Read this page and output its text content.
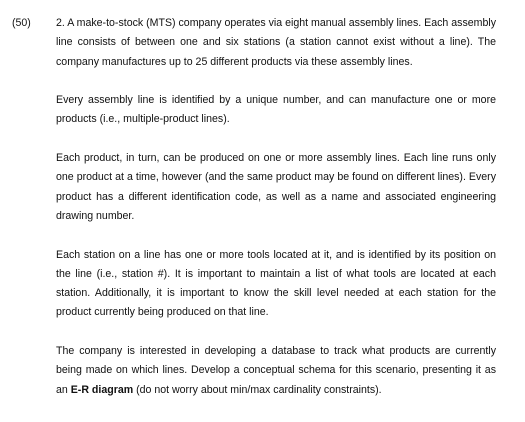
(50) 2. A make-to-stock (MTS) company operates via eight manual assembly lines. Each assembly line consists of between one and six stations (a station cannot exist without a line). The company manufactures up to 25 different products via these assembly lines.

Every assembly line is identified by a unique number, and can manufacture one or more products (i.e., multiple-product lines).

Each product, in turn, can be produced on one or more assembly lines. Each line runs only one product at a time, however (and the same product may be found on different lines). Every product has a different identification code, as well as a name and associated engineering drawing number.

Each station on a line has one or more tools located at it, and is identified by its position on the line (i.e., station #). It is important to maintain a list of what tools are located at each station. Additionally, it is important to know the skill level needed at each station for the product currently being produced on that line.

The company is interested in developing a database to track what products are currently being made on which lines. Develop a conceptual schema for this scenario, presenting it as an E-R diagram (do not worry about min/max cardinality constraints).
